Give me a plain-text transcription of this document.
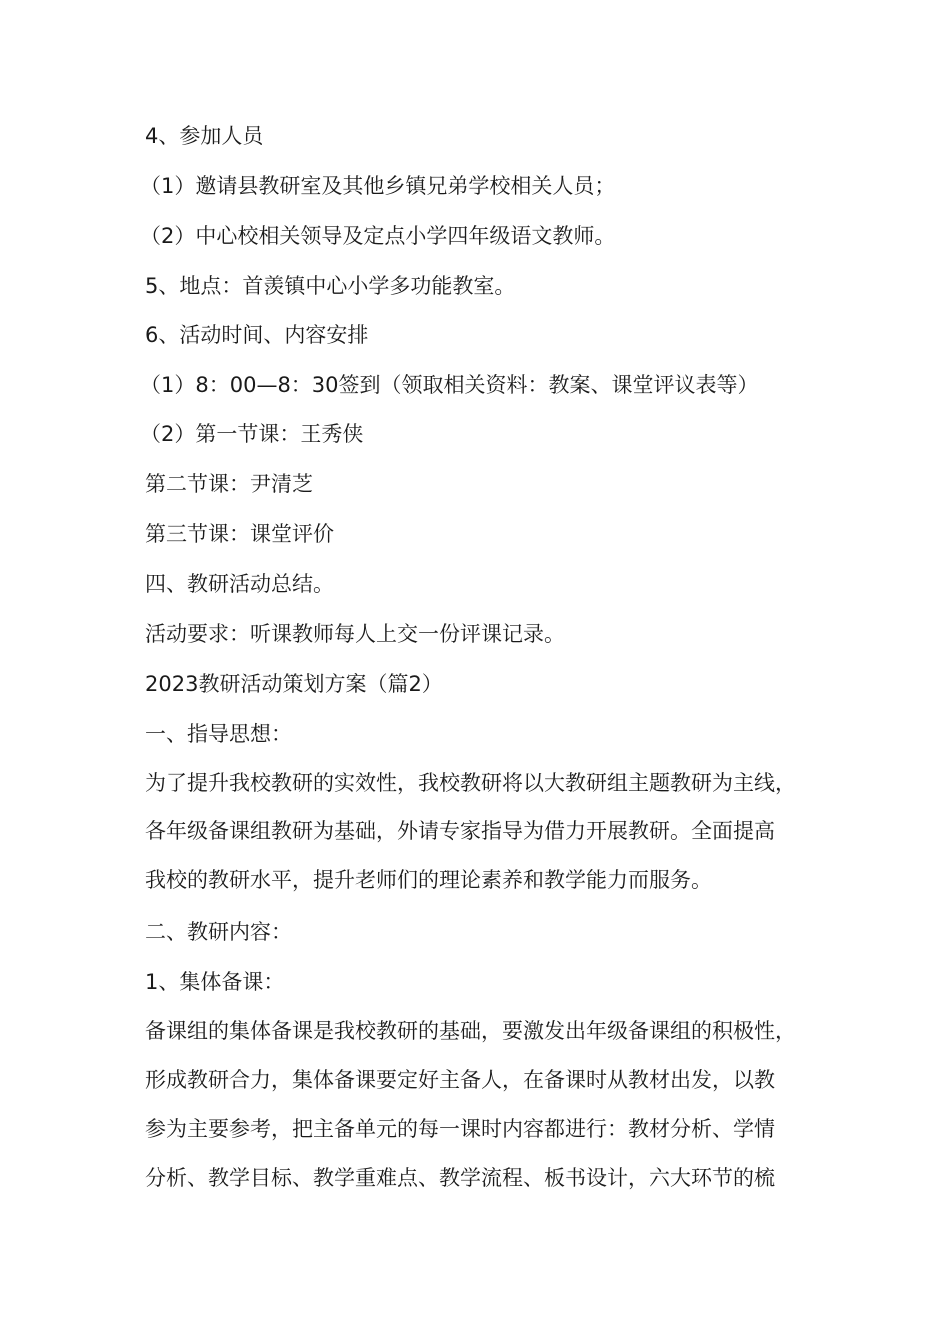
4、参加人员

（1）邀请县教研室及其他乡镇兄弟学校相关人员；

（2）中心校相关领导及定点小学四年级语文教师。

5、地点：首羡镇中心小学多功能教室。

6、活动时间、内容安排

（1）8：00—8：30签到（领取相关资料：教案、课堂评议表等）

（2）第一节课：王秀侠

第二节课：尹清芝

第三节课：课堂评价

四、教研活动总结。

活动要求：听课教师每人上交一份评课记录。

2023教研活动策划方案（篇2）

一、指导思想：

为了提升我校教研的实效性，我校教研将以大教研组主题教研为主线，

各年级备课组教研为基础，外请专家指导为借力开展教研。全面提高

我校的教研水平，提升老师们的理论素养和教学能力而服务。

二、教研内容：

1、集体备课：

备课组的集体备课是我校教研的基础，要激发出年级备课组的积极性，

形成教研合力，集体备课要定好主备人，在备课时从教材出发，以教

参为主要参考，把主备单元的每一课时内容都进行：教材分析、学情

分析、教学目标、教学重难点、教学流程、板书设计，六大环节的梳
